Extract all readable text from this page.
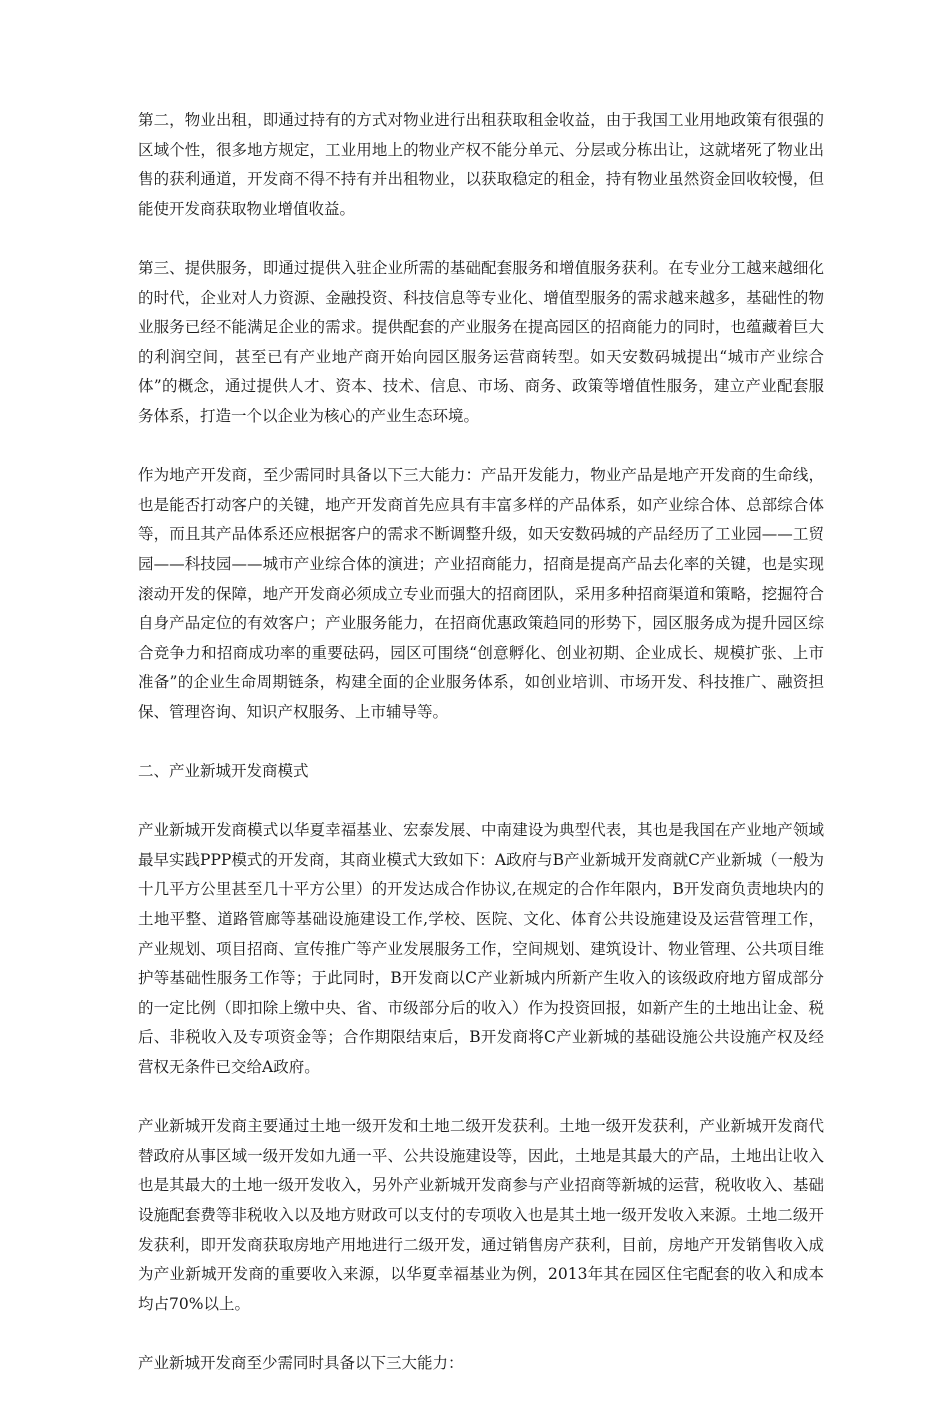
第二，物业出租，即通过持有的方式对物业进行出租获取租金收益，由于我国工业用地政策有很强的区域个性，很多地方规定，工业用地上的物业产权不能分单元、分层或分栋出让，这就堵死了物业出售的获利通道，开发商不得不持有并出租物业，以获取稳定的租金，持有物业虽然资金回收较慢，但能使开发商获取物业增值收益。

第三、提供服务，即通过提供入驻企业所需的基础配套服务和增值服务获利。在专业分工越来越细化的时代，企业对人力资源、金融投资、科技信息等专业化、增值型服务的需求越来越多，基础性的物业服务已经不能满足企业的需求。提供配套的产业服务在提高园区的招商能力的同时，也蕴藏着巨大的利润空间，甚至已有产业地产商开始向园区服务运营商转型。如天安数码城提出“城市产业综合体”的概念，通过提供人才、资本、技术、信息、市场、商务、政策等增值性服务，建立产业配套服务体系，打造一个以企业为核心的产业生态环境。

作为地产开发商，至少需同时具备以下三大能力：产品开发能力，物业产品是地产开发商的生命线，也是能否打动客户的关键，地产开发商首先应具有丰富多样的产品体系，如产业综合体、总部综合体等，而且其产品体系还应根据客户的需求不断调整升级，如天安数码城的产品经历了工业园——工贸园——科技园——城市产业综合体的演进；产业招商能力，招商是提高产品去化率的关键，也是实现滚动开发的保障，地产开发商必须成立专业而强大的招商团队，采用多种招商渠道和策略，挖掘符合自身产品定位的有效客户；产业服务能力，在招商优惠政策趋同的形势下，园区服务成为提升园区综合竞争力和招商成功率的重要砝码，园区可围绕“创意孵化、创业初期、企业成长、规模扩张、上市准备”的企业生命周期链条，构建全面的企业服务体系，如创业培训、市场开发、科技推广、融资担保、管理咨询、知识产权服务、上市辅导等。

二、产业新城开发商模式

产业新城开发商模式以华夏幸福基业、宏泰发展、中南建设为典型代表，其也是我国在产业地产领域最早实践PPP模式的开发商，其商业模式大致如下：A政府与B产业新城开发商就C产业新城（一般为十几平方公里甚至几十平方公里）的开发达成合作协议,在规定的合作年限内，B开发商负责地块内的土地平整、道路管廊等基础设施建设工作,学校、医院、文化、体育公共设施建设及运营管理工作，产业规划、项目招商、宣传推广等产业发展服务工作，空间规划、建筑设计、物业管理、公共项目维护等基础性服务工作等；于此同时，B开发商以C产业新城内所新产生收入的该级政府地方留成部分的一定比例（即扣除上缴中央、省、市级部分后的收入）作为投资回报，如新产生的土地出让金、税后、非税收入及专项资金等；合作期限结束后，B开发商将C产业新城的基础设施公共设施产权及经营权无条件已交给A政府。

产业新城开发商主要通过土地一级开发和土地二级开发获利。土地一级开发获利，产业新城开发商代替政府从事区域一级开发如九通一平、公共设施建设等，因此，土地是其最大的产品，土地出让收入也是其最大的土地一级开发收入，另外产业新城开发商参与产业招商等新城的运营，税收收入、基础设施配套费等非税收入以及地方财政可以支付的专项收入也是其土地一级开发收入来源。土地二级开发获利，即开发商获取房地产用地进行二级开发，通过销售房产获利，目前，房地产开发销售收入成为产业新城开发商的重要收入来源，以华夏幸福基业为例，2013年其在园区住宅配套的收入和成本均占70%以上。

产业新城开发商至少需同时具备以下三大能力：
